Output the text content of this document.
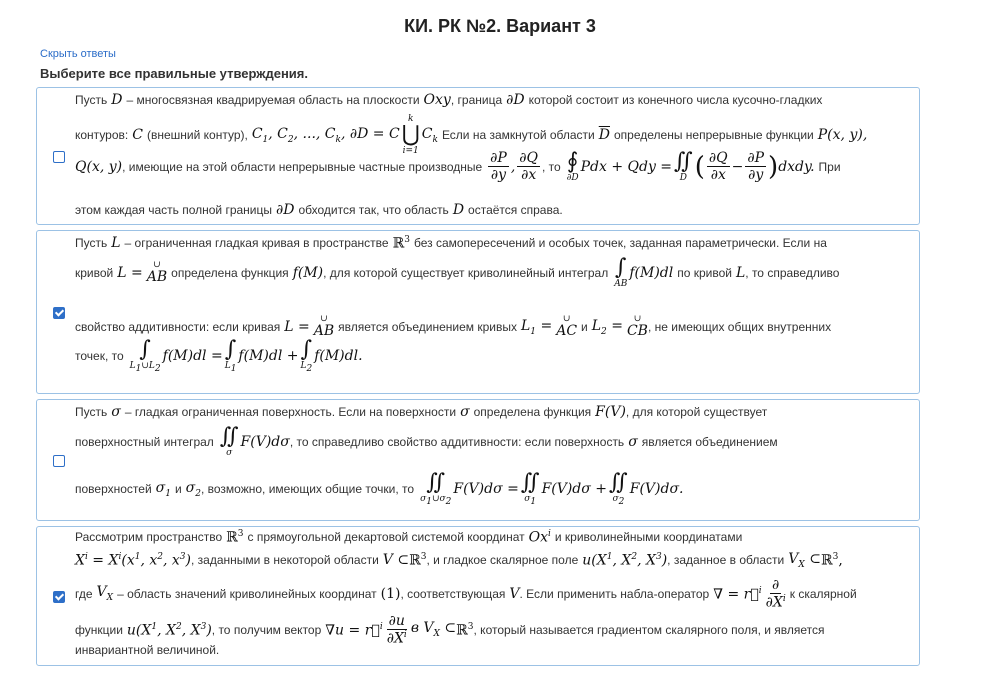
КИ. РК №2. Вариант 3
Скрыть ответы
Выберите все правильные утверждения.
Пусть D – многосвязная квадрируемая область на плоскости Oxy , граница ∂D которой состоит из конечного числа кусочно-гладких
контуров: C (внешний контур), $C_1$, $C_2$, ..., $C_k$, ∂D = C
k
⋃
i=1
$C_k$ Если на замкнутой области $\overline{D}$ определены непрерывные функции P(x, y),
Q(x, y) , имеющие на этой области непрерывные частные производные $\frac{\partial P}{\partial y}$ , $\frac{\partial Q}{\partial x}$ , то ∮
∂D
Pdx + Qdy = ∬
D ( $\frac{\partial Q}{\partial x} - \frac{\partial P}{\partial y}$ ) dxdy. При
этом каждая часть полной границы ∂D обходится так, что область D остаётся справа.
Пусть L – ограниченная гладкая кривая в пространстве ℝ$^3$ без самопересечений и особых точек, заданная параметрически. Если на
кривой L = ∪
AB определена функция f(M) , для которой существует криволинейный интеграл ∫
AB
f(M)dl по кривой L , то справедливо
свойство аддитивности: если кривая L = ∪
AB является объединением кривых $L_1$ = ∪
AC и $L_2$ = ∪
CB , не имеющих общих внутренних
точек, то ∫
$L_1\cup L_2$
f(M)dl = ∫
$L_1$
f(M)dl + ∫
$L_2$
f(M)dl.
Пусть σ – гладкая ограниченная поверхность. Если на поверхности σ определена функция F(V) , для которой существует
поверхностный интеграл ∬
σ
F(V)dσ , то справедливо свойство аддитивности: если поверхность σ является объединением
поверхностей $\sigma_1$ и $\sigma_2$ , возможно, имеющих общие точки, то ∬
$\sigma_1\cup\sigma_2$
F(V)dσ = ∬
$\sigma_1$
F(V)dσ + ∬
$\sigma_2$
F(V)dσ.
Рассмотрим пространство ℝ$^3$ с прямоугольной декартовой системой координат Ox$^i$ и криволинейными координатами
$X^i = X^i(x^1$, $x^2$, $x^3$) , заданными в некоторой области V ⊂ ℝ$^3$ , и гладкое скалярное поле $u(X^1$, $X^2$, $X^3$) , заданное в области $V_X$ ⊂ ℝ$^3$,
где $V_X$ – область значений криволинейных координат (1) , соответствующая V . Если применить набла-оператор ∇ = r⃗$^i$ $\frac{\partial}{\partial X^i}$ к скалярной
функции $u(X^1$, $X^2$, $X^3$) , то получим вектор ∇u = r⃗$^i$ $\frac{\partial u}{\partial X^i}$ в $V_X$ ⊂ ℝ$^3$ , который называется градиентом скалярного поля, и является
инвариантной величиной.
